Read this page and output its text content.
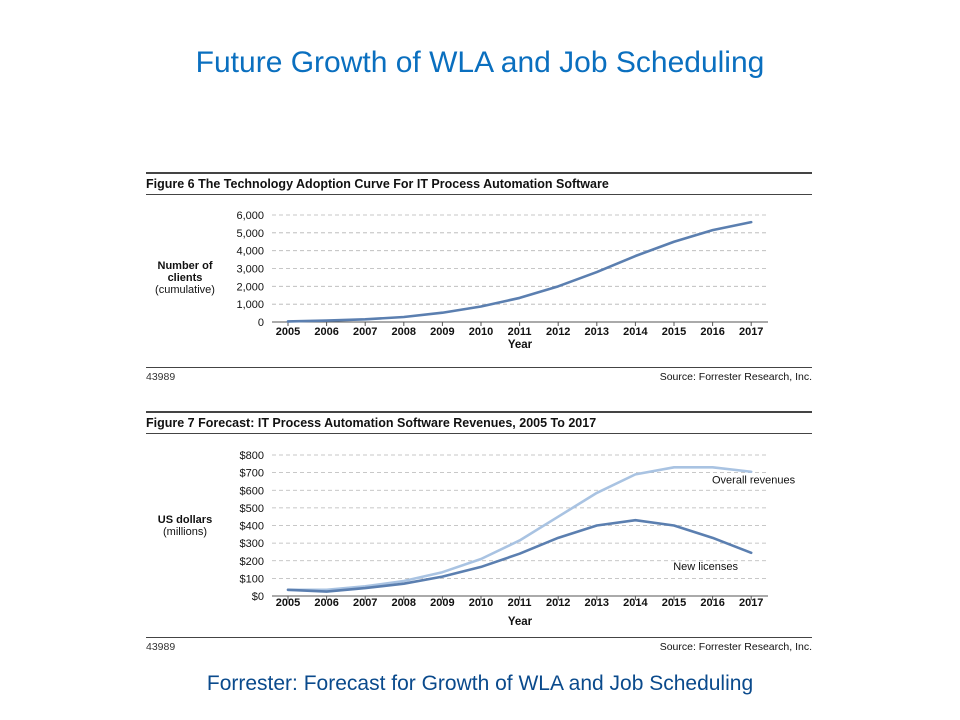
Future Growth of WLA and Job Scheduling
Figure 6 The Technology Adoption Curve For IT Process Automation Software
Number of clients
(cumulative)
0
1,000
2,000
3,000
4,000
5,000
6,000
2005 2006 2007 2008 2009 2010 2011 2012 2013 2014 2015 2016 2017
Year
43989	Source: Forrester Research, Inc.
Figure 7 Forecast: IT Process Automation Software Revenues, 2005 To 2017
US dollars
(millions)
$0
$100
$200
$300
$400
$500
$600
$700
$800
2005 2006 2007 2008 2009 2010 2011 2012 2013 2014 2015 2016 2017
Year
Overall revenues
New licenses
43989	Source: Forrester Research, Inc.
Forrester: Forecast for Growth of WLA and Job Scheduling
